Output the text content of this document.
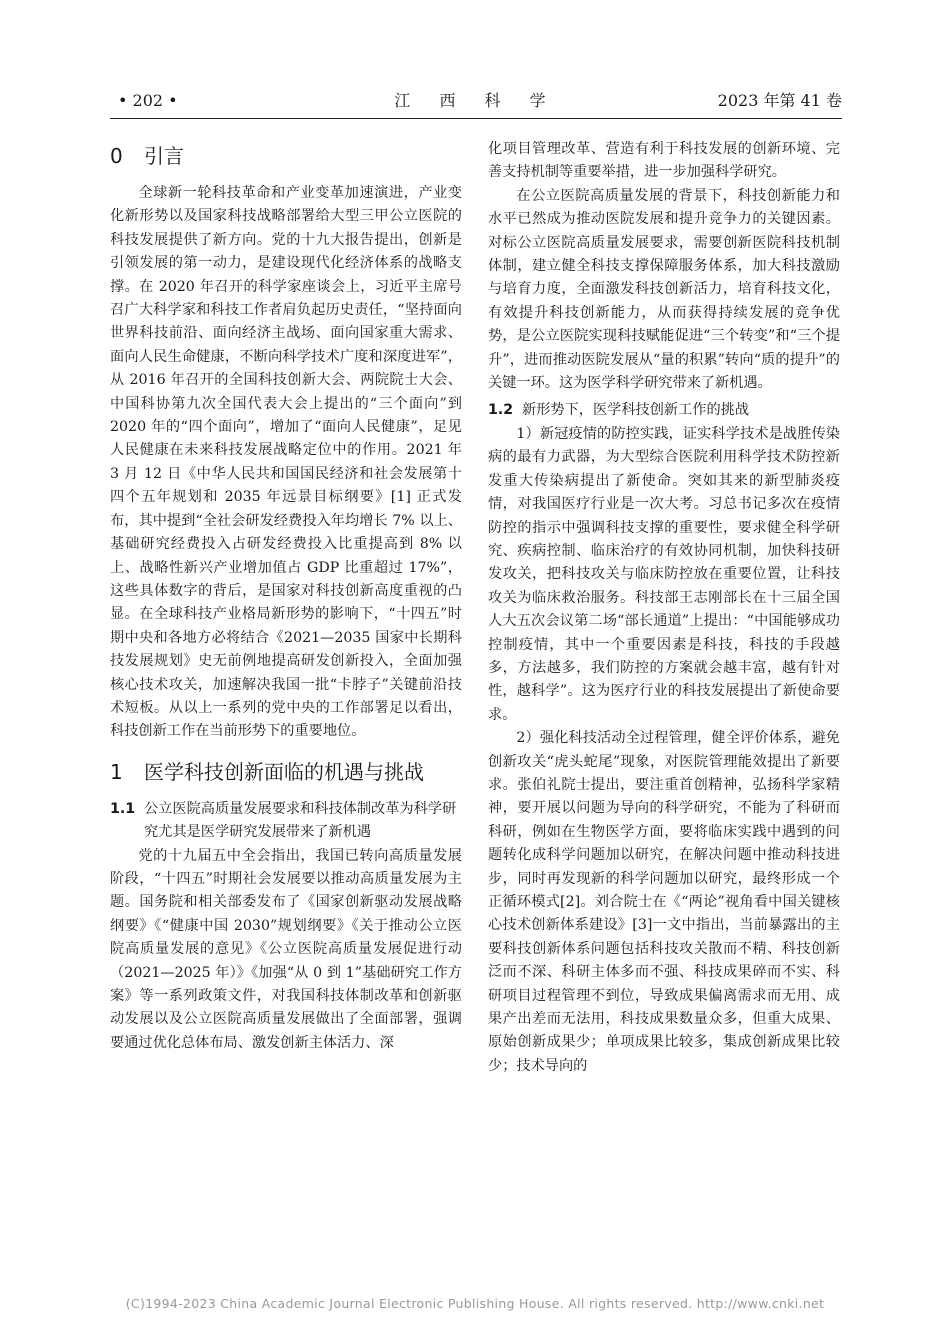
• 202 •	江 西 科 学	2023 年第 41 卷
0 引言

全球新一轮科技革命和产业变革加速演进，产业变化新形势以及国家科技战略部署给大型三甲公立医院的科技发展提供了新方向。党的十九大报告提出，创新是引领发展的第一动力，是建设现代化经济体系的战略支撑。在 2020 年召开的科学家座谈会上，习近平主席号召广大科学家和科技工作者肩负起历史责任，“坚持面向世界科技前沿、面向经济主战场、面向国家重大需求、面向人民生命健康，不断向科学技术广度和深度进军”，从 2016 年召开的全国科技创新大会、两院院士大会、中国科协第九次全国代表大会上提出的“三个面向”到 2020 年的“四个面向”，增加了“面向人民健康”，足见人民健康在未来科技发展战略定位中的作用。2021 年 3 月 12 日《中华人民共和国国民经济和社会发展第十四个五年规划和 2035 年远景目标纲要》[1] 正式发布，其中提到“全社会研发经费投入年均增长 7% 以上、基础研究经费投入占研发经费投入比重提高到 8% 以上、战略性新兴产业增加值占 GDP 比重超过 17%”，这些具体数字的背后，是国家对科技创新高度重视的凸显。在全球科技产业格局新形势的影响下，“十四五”时期中央和各地方必将结合《2021—2035 国家中长期科技发展规划》史无前例地提高研发创新投入，全面加强核心技术攻关，加速解决我国一批“卡脖子”关键前沿技术短板。从以上一系列的党中央的工作部署足以看出，科技创新工作在当前形势下的重要地位。

1 医学科技创新面临的机遇与挑战
1.1 公立医院高质量发展要求和科技体制改革为科学研究尤其是医学研究发展带来了新机遇

党的十九届五中全会指出，我国已转向高质量发展阶段，“十四五”时期社会发展要以推动高质量发展为主题。国务院和相关部委发布了《国家创新驱动发展战略纲要》《“健康中国 2030”规划纲要》《关于推动公立医院高质量发展的意见》《公立医院高质量发展促进行动（2021—2025 年）》《加强“从 0 到 1”基础研究工作方案》等一系列政策文件，对我国科技体制改革和创新驱动发展以及公立医院高质量发展做出了全面部署，强调要通过优化总体布局、激发创新主体活力、深

化项目管理改革、营造有利于科技发展的创新环境、完善支持机制等重要举措，进一步加强科学研究。

在公立医院高质量发展的背景下，科技创新能力和水平已然成为推动医院发展和提升竞争力的关键因素。对标公立医院高质量发展要求，需要创新医院科技机制体制，建立健全科技支撑保障服务体系，加大科技激励与培育力度，全面激发科技创新活力，培育科技文化，有效提升科技创新能力，从而获得持续发展的竞争优势，是公立医院实现科技赋能促进“三个转变”和“三个提升”，进而推动医院发展从“量的积累”转向“质的提升”的关键一环。这为医学科学研究带来了新机遇。

1.2 新形势下，医学科技创新工作的挑战

1）新冠疫情的防控实践，证实科学技术是战胜传染病的最有力武器，为大型综合医院利用科学技术防控新发重大传染病提出了新使命。突如其来的新型肺炎疫情，对我国医疗行业是一次大考。习总书记多次在疫情防控的指示中强调科技支撑的重要性，要求健全科学研究、疾病控制、临床治疗的有效协同机制，加快科技研发攻关，把科技攻关与临床防控放在重要位置，让科技攻关为临床救治服务。科技部王志刚部长在十三届全国人大五次会议第二场“部长通道”上提出：“中国能够成功控制疫情，其中一个重要因素是科技，科技的手段越多，方法越多，我们防控的方案就会越丰富，越有针对性，越科学”。这为医疗行业的科技发展提出了新使命要求。

2）强化科技活动全过程管理，健全评价体系，避免创新攻关“虎头蛇尾”现象，对医院管理能效提出了新要求。张伯礼院士提出，要注重首创精神，弘扬科学家精神，要开展以问题为导向的科学研究，不能为了科研而科研，例如在生物医学方面，要将临床实践中遇到的问题转化成科学问题加以研究，在解决问题中推动科技进步，同时再发现新的科学问题加以研究，最终形成一个正循环模式[2]。刘合院士在《“两论”视角看中国关键核心技术创新体系建设》[3]一文中指出，当前暴露出的主要科技创新体系问题包括科技攻关散而不精、科技创新泛而不深、科研主体多而不强、科技成果碎而不实、科研项目过程管理不到位，导致成果偏离需求而无用、成果产出差而无法用，科技成果数量众多，但重大成果、原始创新成果少；单项成果比较多，集成创新成果比较少；技术导向的

(C)1994-2023 China Academic Journal Electronic Publishing House. All rights reserved. http://www.cnki.net
